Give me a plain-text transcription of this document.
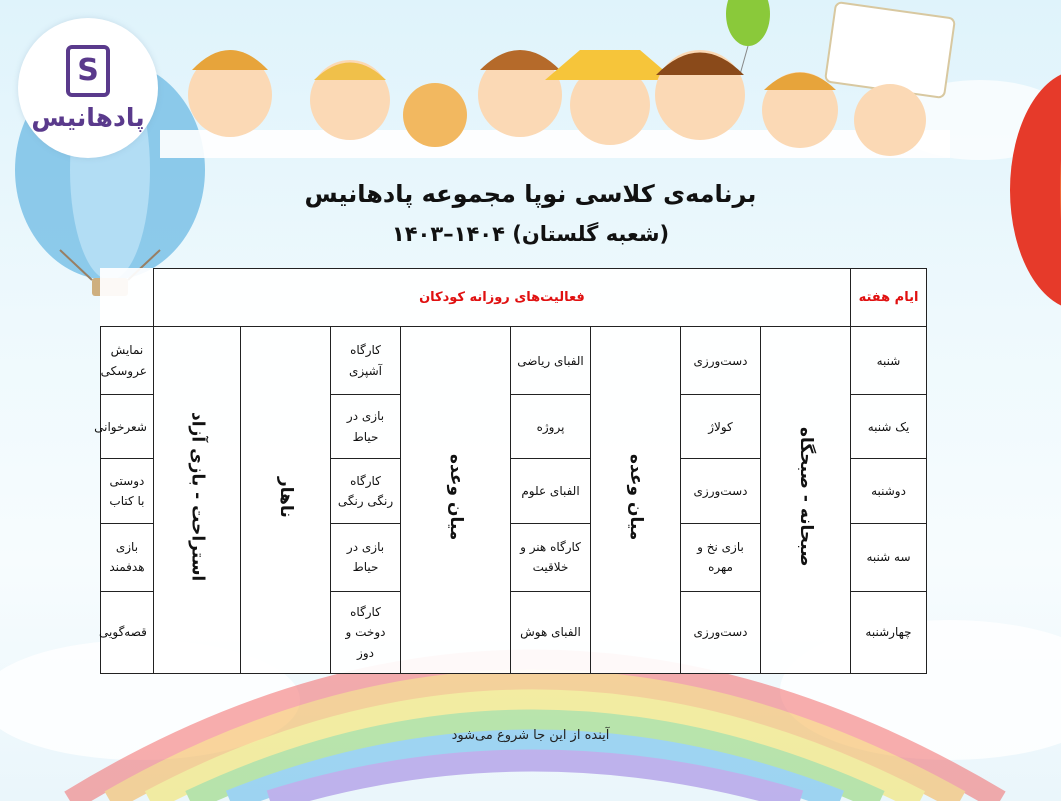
S
پادهانیس
برنامه‌ی کلاسی نوپا مجموعه پادهانیس
(شعبه گلستان) ۱۴۰۴–۱۴۰۳
ایام هفته	فعالیت‌های روزانه کودکان								
شنبه	صبحانه - صبحگاه	دست‌ورزی	میان وعده	الفبای ریاضی	میان وعده	کارگاه آشپزی	ناهار	استراحت - بازی آزاد	نمایش عروسکی
یک شنبه		کولاژ		پروژه		بازی در حیاط			شعرخوانی
دوشنبه		دست‌ورزی		الفبای علوم		کارگاه رنگی رنگی			دوستی با کتاب
سه شنبه		بازی نخ و مهره		کارگاه هنر و خلاقیت		بازی در حیاط			بازی هدفمند
چهارشنبه		دست‌ورزی		الفبای هوش		کارگاه دوخت و دوز			قصه‌گویی
آینده از این جا شروع می‌شود
